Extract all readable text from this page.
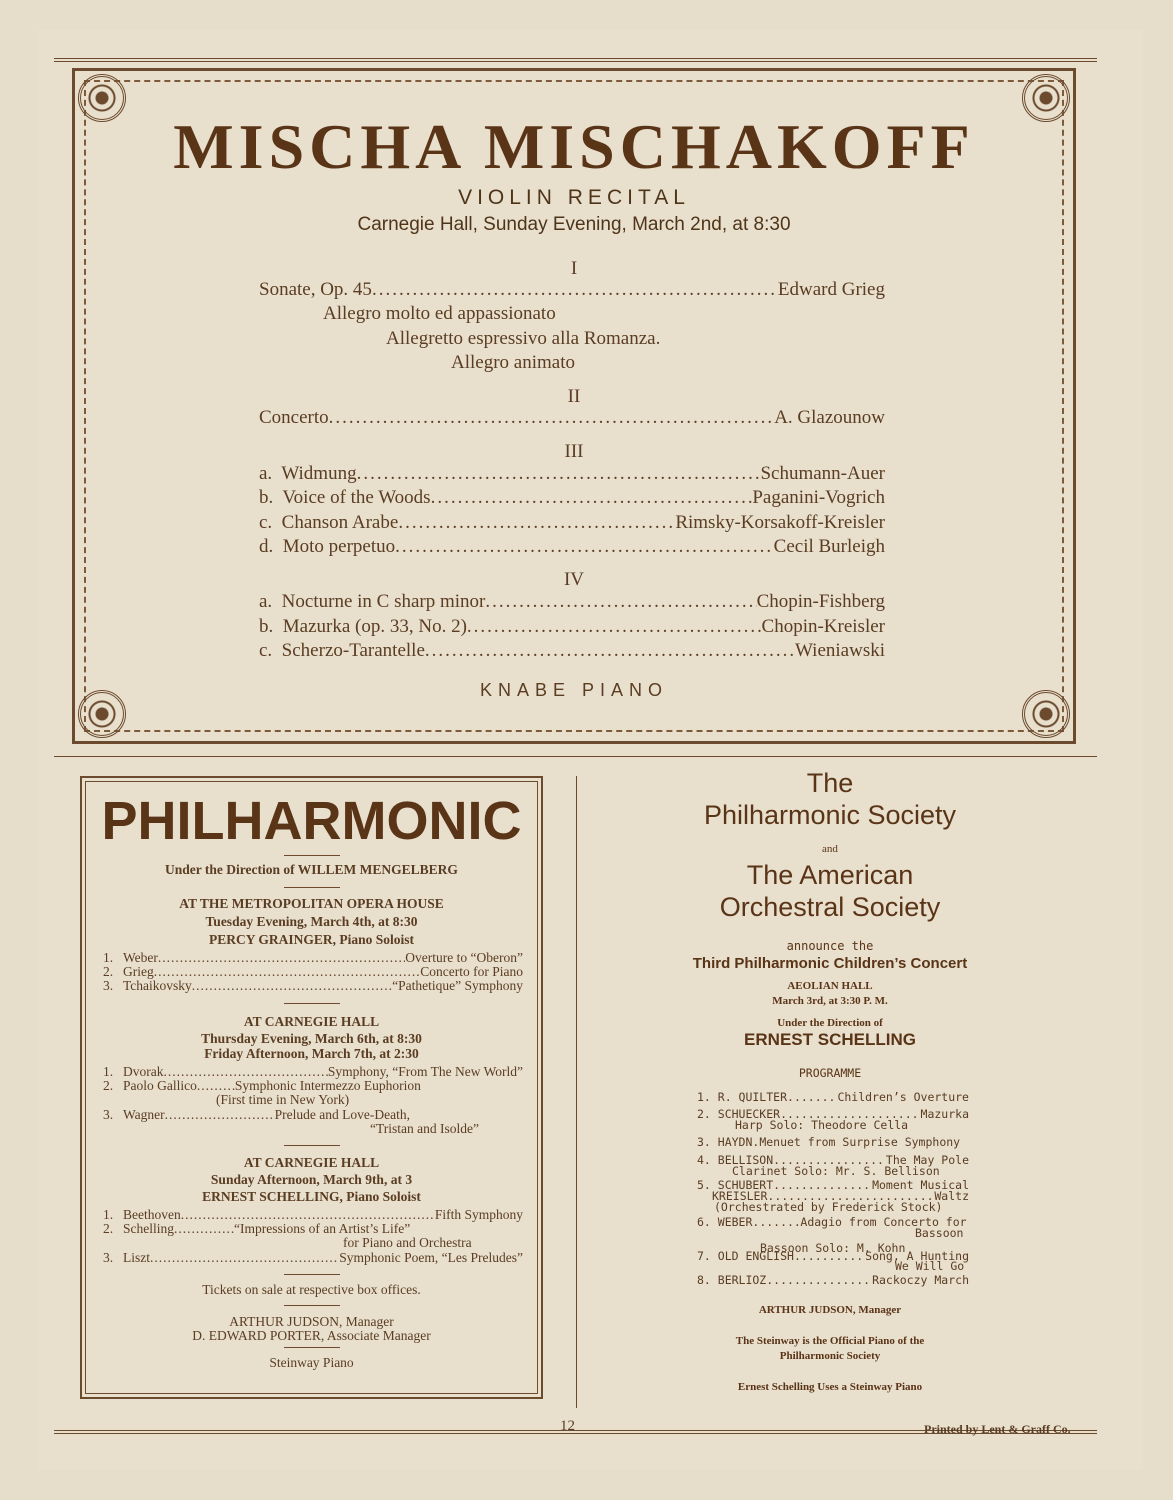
MISCHA MISCHAKOFF
VIOLIN RECITAL
Carnegie Hall, Sunday Evening, March 2nd, at 8:30
I
Sonate, Op. 45 .....	Edward Grieg
Allegro molto ed appassionato
Allegretto espressivo alla Romanza.
Allegro animato
II
Concerto .....	A. Glazounow
III
a.  Widmung .....	Schumann-Auer
b.  Voice of the Woods .....	Paganini-Vogrich
c.  Chanson Arabe .....	Rimsky-Korsakoff-Kreisler
d.  Moto perpetuo .....	Cecil Burleigh
IV
a.  Nocturne in C sharp minor .....	Chopin-Fishberg
b.  Mazurka (op. 33, No. 2) .....	Chopin-Kreisler
c.  Scherzo-Tarantelle .....	Wieniawski
KNABE PIANO
PHILHARMONIC
Under the Direction of WILLEM MENGELBERG
AT THE METROPOLITAN OPERA HOUSE
Tuesday Evening, March 4th, at 8:30
PERCY GRAINGER, Piano Soloist
1. Weber .....	Overture to “Oberon”
2. Grieg .....	Concerto for Piano
3. Tchaikovsky .....	“Pathetique” Symphony
AT CARNEGIE HALL
Thursday Evening, March 6th, at 8:30
Friday Afternoon, March 7th, at 2:30
1. Dvorak .....	Symphony, “From The New World”
2. Paolo Gallico .....	Symphonic Intermezzo Euphorion
(First time in New York)
3. Wagner .....	Prelude and Love-Death,
“Tristan and Isolde”
AT CARNEGIE HALL
Sunday Afternoon, March 9th, at 3
ERNEST SCHELLING, Piano Soloist
1. Beethoven .....	Fifth Symphony
2. Schelling .....	“Impressions of an Artist’s Life”
for Piano and Orchestra
3. Liszt .....	Symphonic Poem, “Les Preludes”
Tickets on sale at respective box offices.
ARTHUR JUDSON, Manager
D. EDWARD PORTER, Associate Manager
Steinway Piano
The
Philharmonic Society
and
The American
Orchestral Society
announce the
Third Philharmonic Children’s Concert
AEOLIAN HALL
March 3rd, at 3:30 P. M.
Under the Direction of
ERNEST SCHELLING
PROGRAMME
1. R. QUILTER .....	Children’s Overture
2. SCHUECKER .....	Mazurka
Harp Solo: Theodore Cella
3. HAYDN. Menuet from Surprise Symphony
4. BELLISON .....	The May Pole
Clarinet Solo: Mr. S. Bellison
5. SCHUBERT .....	Moment Musical
KREISLER .....	Waltz
(Orchestrated by Frederick Stock)
6. WEBER .....	Adagio from Concerto for
Bassoon
Bassoon Solo: M. Kohn
7. OLD ENGLISH .....	Song, A Hunting
We Will Go
8. BERLIOZ .....	Rackoczy March
ARTHUR JUDSON, Manager
The Steinway is the Official Piano of the
Philharmonic Society
Ernest Schelling Uses a Steinway Piano
12	Printed by Lent & Graff Co.
